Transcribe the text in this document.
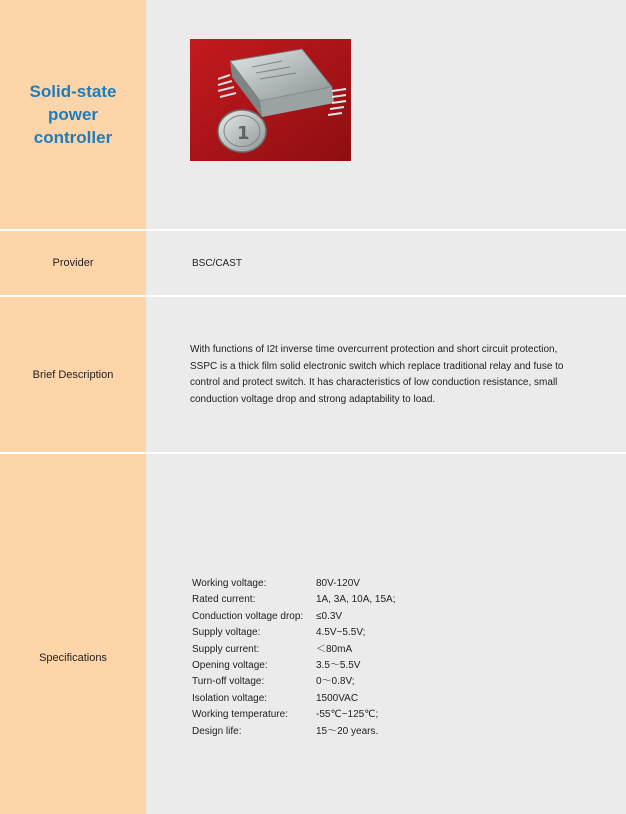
Solid-state power controller	1
Provider	BSC/CAST
Brief Description
With functions of I2t inverse time overcurrent protection and short circuit protection, SSPC is a thick film solid electronic switch which replace traditional relay and fuse to control and protect switch. It has characteristics of low conduction resistance, small conduction voltage drop and strong adaptability to load.
Specifications
Working voltage:	80V-120V
Rated current:	1A, 3A, 10A, 15A;
Conduction voltage drop:	≤0.3V
Supply voltage:	4.5V~5.5V;
Supply current:	＜80mA
Opening voltage:	3.5～5.5V
Turn-off voltage:	0～0.8V;
Isolation voltage:	1500VAC
Working temperature:	-55℃~125℃;
Design life:	15～20 years.
